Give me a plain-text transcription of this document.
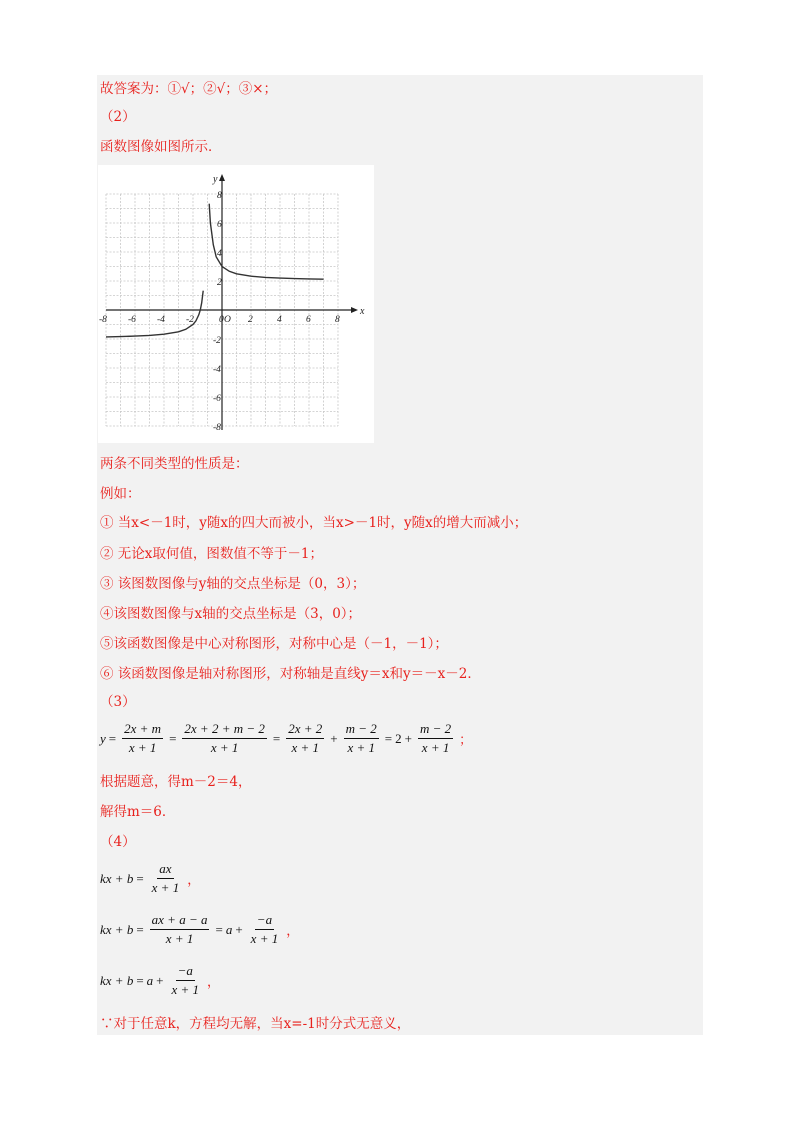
故答案为：①√；②√；③×；
（2）
函数图像如图所示．
x
y
-8 -6 -4 -2	0	2	4	6	8
O
8
6
4
2
-2
-4
-6
-8
两条不同类型的性质是：
例如：
① 当x<－1时，y随x的四大而被小，当x>－1时，y随x的增大而减小；
② 无论x取何值，图数值不等于－1；
③ 该图数图像与y轴的交点坐标是（0，3）；
④该图数图像与x轴的交点坐标是（3，0）；
⑤该函数图像是中心对称图形，对称中心是（－1，－1）；
⑥ 该函数图像是轴对称图形，对称轴是直线y＝x和y＝－x－2．
（3）
$y = \frac{2x + m}{x + 1} = \frac{2x + 2 + m - 2}{x + 1} = \frac{2x + 2}{x + 1} + \frac{m - 2}{x + 1} = 2 + \frac{m - 2}{x + 1}$ ；
根据题意，得m－2＝4，
解得m＝6．
（4）
kx + $b = \frac{ax}{x + 1}$ ，
kx + $b = \frac{ax + a - a}{x + 1} = a + \frac{-a}{x + 1}$ ，
kx + $b = a + \frac{-a}{x + 1}$ ，
∵对于任意k，方程均无解，当x=-1时分式无意义，
